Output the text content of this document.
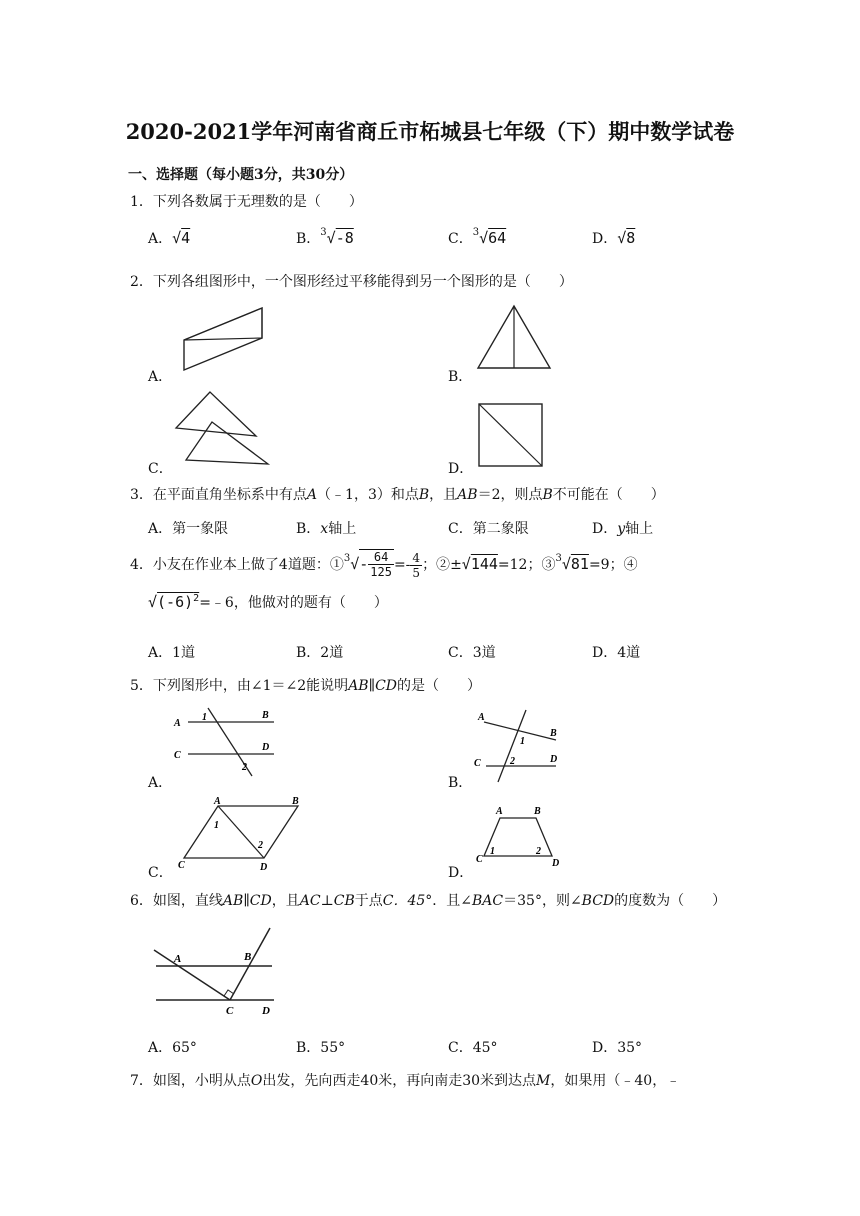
2020-2021学年河南省商丘市柘城县七年级（下）期中数学试卷
一、选择题（每小题3分，共30分）
1．下列各数属于无理数的是（　　）
A．√4	B．$^3$√-8	C．$^3$√64	D．√8
2．下列各组图形中，一个图形经过平移能得到另一个图形的是（　　）
A．	B．
C．	D．
3．在平面直角坐标系中有点A（﹣1，3）和点B，且AB＝2，则点B不可能在（　　）
A．第一象限	B．x轴上	C．第二象限	D．y轴上
4．小友在作业本上做了4道题：①$^3$√- $\frac{64}{125} =- \frac{4}{5}$ ；②±√144=12；③$^3$√81=9；④
$√(-6)^2=﹣6$，他做对的题有（　　）
A．1道	B．2道	C．3道	D．4道
5．下列图形中，由∠1＝∠2能说明AB∥CD的是（　　）
A
B
C
D
1
2
A．
A
B
C	D
1
2
B．
A	B
C	D
1
2
C．
A	B
C	D
1	2
D．
6．如图，直线AB∥CD，且AC⊥CB于点C．45°．且∠BAC＝35°，则∠BCD的度数为（　　）
A	B
C	D
A．65°	B．55°	C．45°	D．35°
7．如图，小明从点O出发，先向西走40米，再向南走30米到达点M，如果用（﹣40，﹣
